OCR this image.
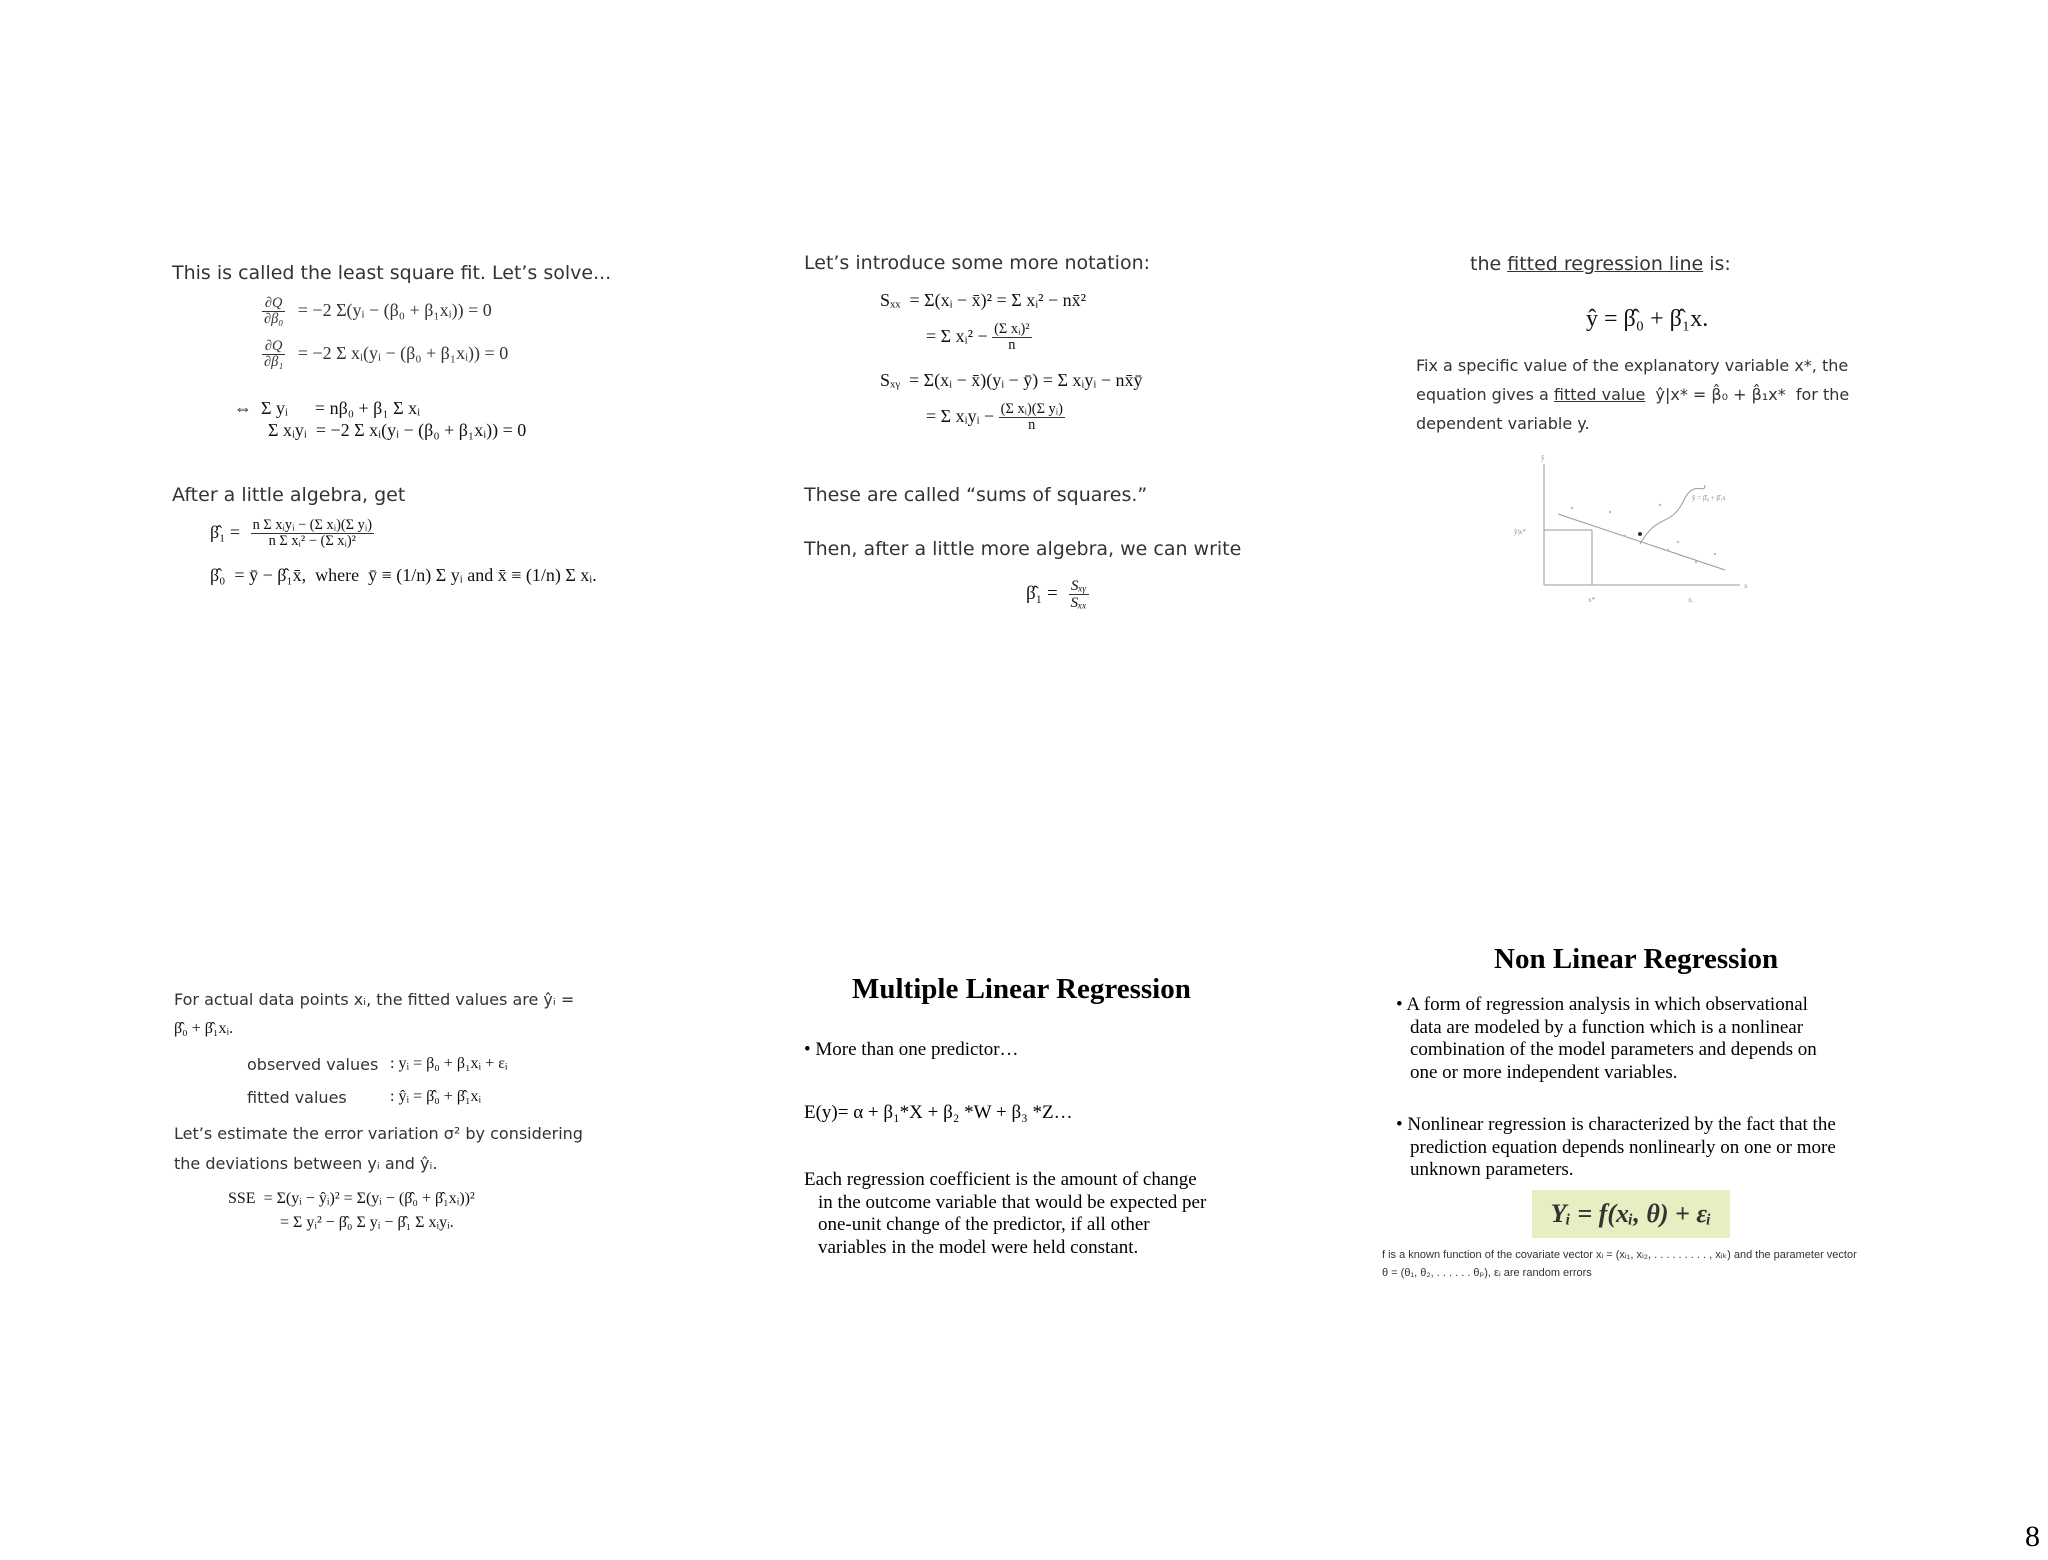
This is called the least square fit. Let’s solve...
$\frac{\partial Q}{\text{∂β₀}} = -2$ Σ(yᵢ − (β₀ + β₁xᵢ)) = 0
$\frac{\partial Q}{\text{∂β₁}} = -2$ Σ xᵢ(yᵢ − (β₀ + β₁xᵢ)) = 0
⇔  Σ yᵢ      = nβ₀ + β₁ Σ xᵢ
Σ xᵢyᵢ  = −2 Σ xᵢ(yᵢ − (β₀ + β₁xᵢ)) = 0
After a little algebra, get
β̂₁ = $\frac{\text{n Σ xᵢyᵢ − (Σ xᵢ)(Σ yᵢ)}}{\text{n Σ xᵢ² − (Σ xᵢ)²}}$
β̂₀  = ȳ − β̂₁x̄,  where  ȳ ≡ (1/n) Σ yᵢ and x̄ ≡ (1/n) Σ xᵢ.
Let’s introduce some more notation:
Sₓₓ  = Σ(xᵢ − x̄)² = Σ xᵢ² − nx̄²
= Σ xᵢ² − $\frac{\text{(Σ xᵢ)²}}{n}$
Sₓᵧ  = Σ(xᵢ − x̄)(yᵢ − ȳ) = Σ xᵢyᵢ − nx̄ȳ
= Σ xᵢyᵢ − $\frac{\text{(Σ xᵢ)(Σ yᵢ)}}{n}$
These are called “sums of squares.”
Then, after a little more algebra, we can write
β̂₁ = $\frac{\text{Sₓᵧ}}{\text{Sₓₓ}}$
the fitted regression line is:
ŷ = β̂₀ + β̂₁x.
Fix a specific value of the explanatory variable x*, the
equation gives a fitted value  ŷ|x* = β̂₀ + β̂₁x*  for the
dependent variable y.
ŷ
ŷ = β̂₀ + β̂₁x
ŷ|x*
x
x*	xᵢ
For actual data points xᵢ, the fitted values are ŷᵢ =
β̂₀ + β̂₁xᵢ.
observed values : yᵢ = β₀ + β₁xᵢ + εᵢ
fitted values	: ŷᵢ = β̂₀ + β̂₁xᵢ
Let’s estimate the error variation σ² by considering
the deviations between yᵢ and ŷᵢ.
SSE  = Σ(yᵢ − ŷᵢ)² = Σ(yᵢ − (β̂₀ + β̂₁xᵢ))²
= Σ yᵢ² − β̂₀ Σ yᵢ − β̂₁ Σ xᵢyᵢ.
Multiple Linear Regression
• More than one predictor…
E(y)= α + β₁*X + β₂ *W + β₃ *Z…
Each regression coefficient is the amount of change
in the outcome variable that would be expected per
one-unit change of the predictor, if all other
variables in the model were held constant.
Non Linear Regression
• A form of regression analysis in which observational
data are modeled by a function which is a nonlinear
combination of the model parameters and depends on
one or more independent variables.
• Nonlinear regression is characterized by the fact that the
prediction equation depends nonlinearly on one or more
unknown parameters.
Yᵢ = f(xᵢ, θ) + εᵢ
f is a known function of the covariate vector xᵢ = (xᵢ₁, xᵢ₂, . . . . . . . . . , xᵢₖ) and the parameter vector
θ = (θ₁, θ₂, . . . . . . θₚ), εᵢ are random errors
8
